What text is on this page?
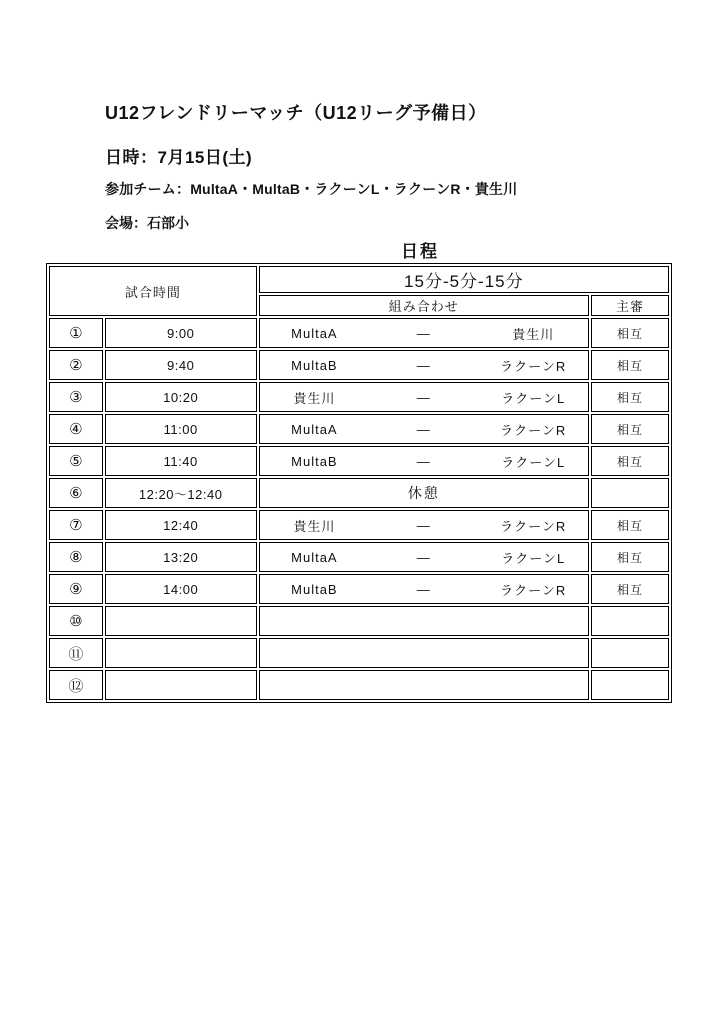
U12フレンドリーマッチ（U12リーグ予備日）
日時：7月15日(土)
参加チーム：MultaA・MultaB・ラクーンL・ラクーンR・貴生川
会場：石部小
日程
試合時間		15分-5分-15分	
		組み合わせ	主審
①	9:00	MultaA — 貴生川	相互
②	9:40	MultaB — ラクーンR	相互
③	10:20	貴生川 — ラクーンL	相互
④	11:00	MultaA — ラクーンR	相互
⑤	11:40	MultaB — ラクーンL	相互
⑥	12:20～12:40	休憩	
⑦	12:40	貴生川 — ラクーンR	相互
⑧	13:20	MultaA — ラクーンL	相互
⑨	14:00	MultaB — ラクーンR	相互
⑩		

⑪		

⑫		
